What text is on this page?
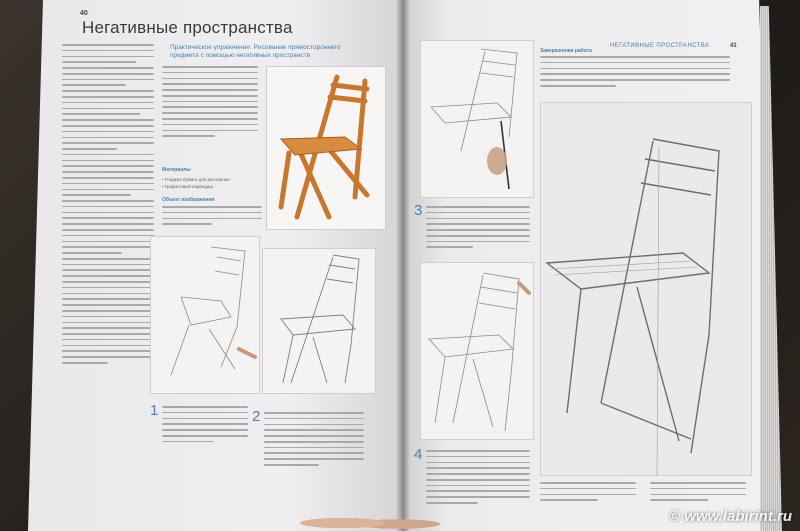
40
Негативные пространства
Практическое упражнение: Рисование прямостороннего предмета с помощью негативных пространств
Материалы
• Гладкая бумага для рисования
• Графитовый карандаш
Объект изображения
1	2
НЕГАТИВНЫЕ ПРОСТРАНСТВА	41
Завершенная работа
3
4
© www.labirint.ru
